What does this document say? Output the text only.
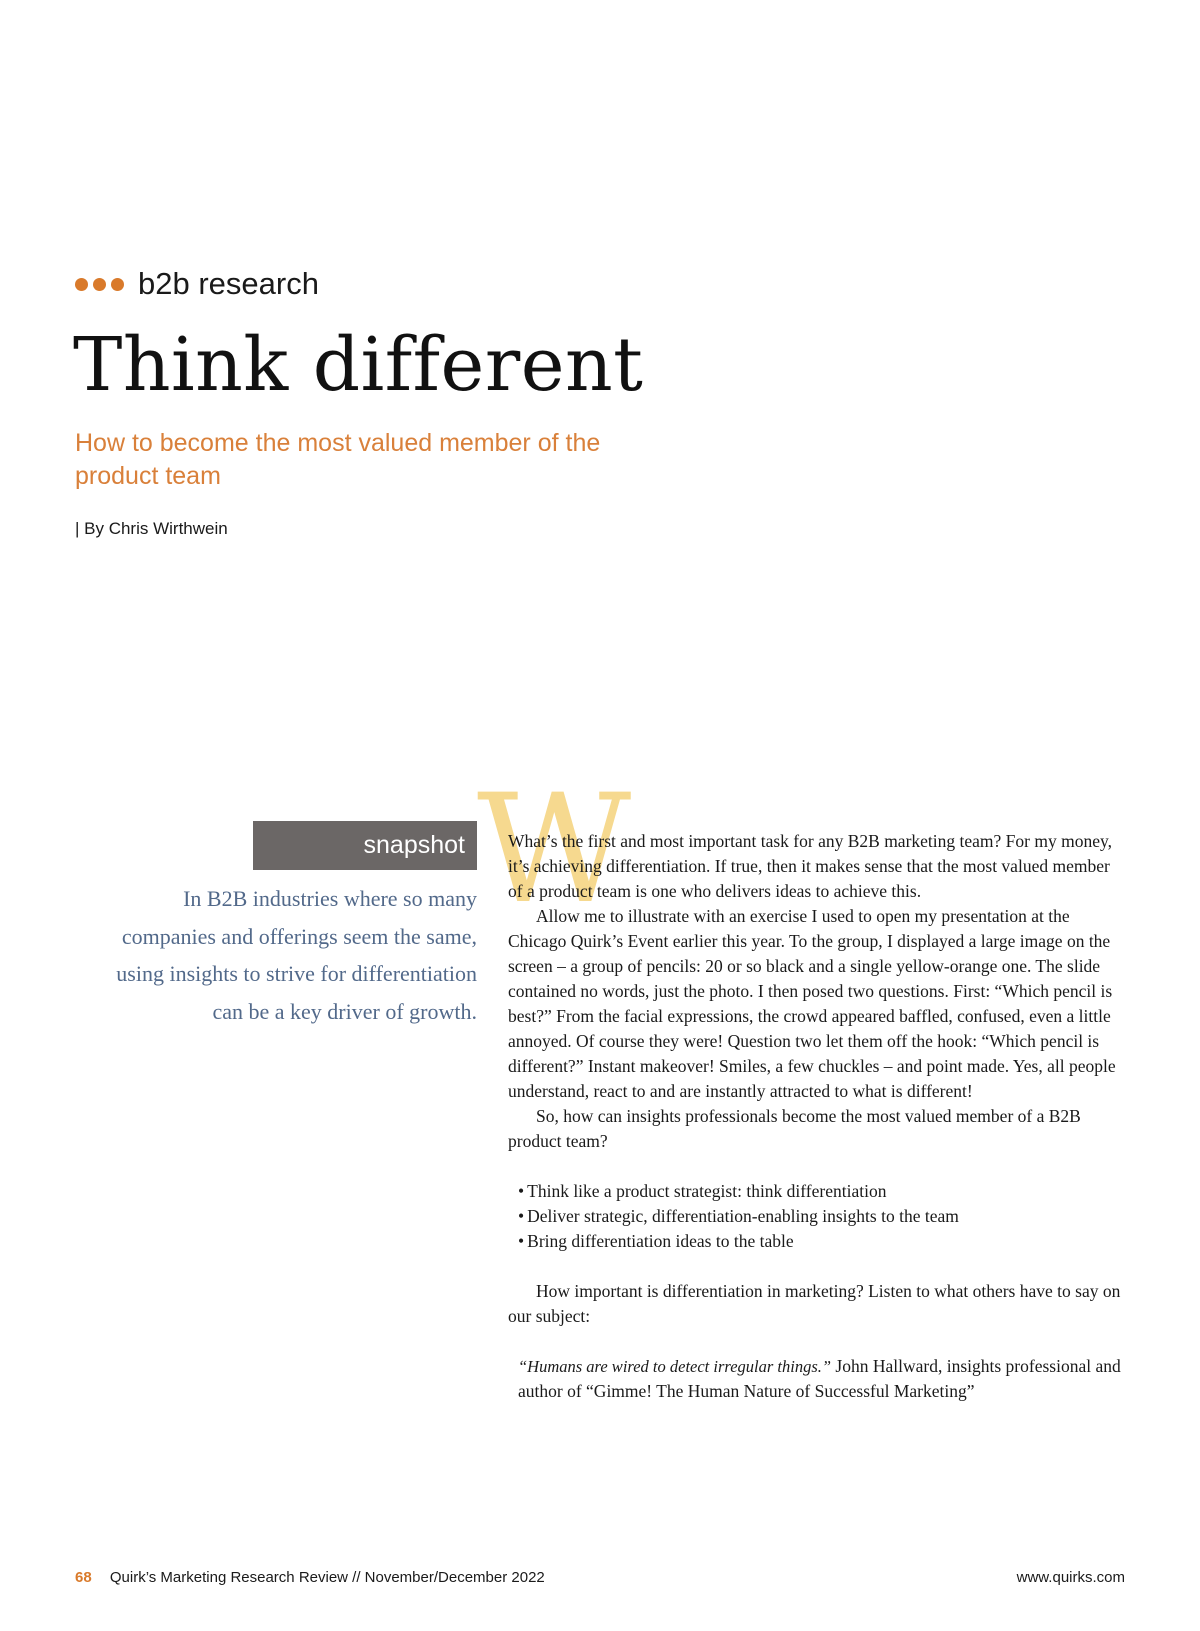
b2b research
Think different
How to become the most valued member of the product team
| By Chris Wirthwein
snapshot

In B2B industries where so many companies and offerings seem the same, using insights to strive for differentiation can be a key driver of growth.

W

What’s the first and most important task for any B2B marketing team? For my money, it’s achieving differentiation. If true, then it makes sense that the most valued member of a product team is one who delivers ideas to achieve this.

Allow me to illustrate with an exercise I used to open my presentation at the Chicago Quirk’s Event earlier this year. To the group, I displayed a large image on the screen – a group of pencils: 20 or so black and a single yellow-orange one. The slide contained no words, just the photo. I then posed two questions. First: “Which pencil is best?” From the facial expressions, the crowd appeared baffled, confused, even a little annoyed. Of course they were! Question two let them off the hook: “Which pencil is different?” Instant makeover! Smiles, a few chuckles – and point made. Yes, all people understand, react to and are instantly attracted to what is different!

So, how can insights professionals become the most valued member of a B2B product team?

• Think like a product strategist: think differentiation
• Deliver strategic, differentiation-enabling insights to the team
• Bring differentiation ideas to the table

How important is differentiation in marketing? Listen to what others have to say on our subject:

“Humans are wired to detect irregular things.” John Hallward, insights professional and author of “Gimme! The Human Nature of Successful Marketing”

68 Quirk’s Marketing Research Review // November/December 2022	www.quirks.com
